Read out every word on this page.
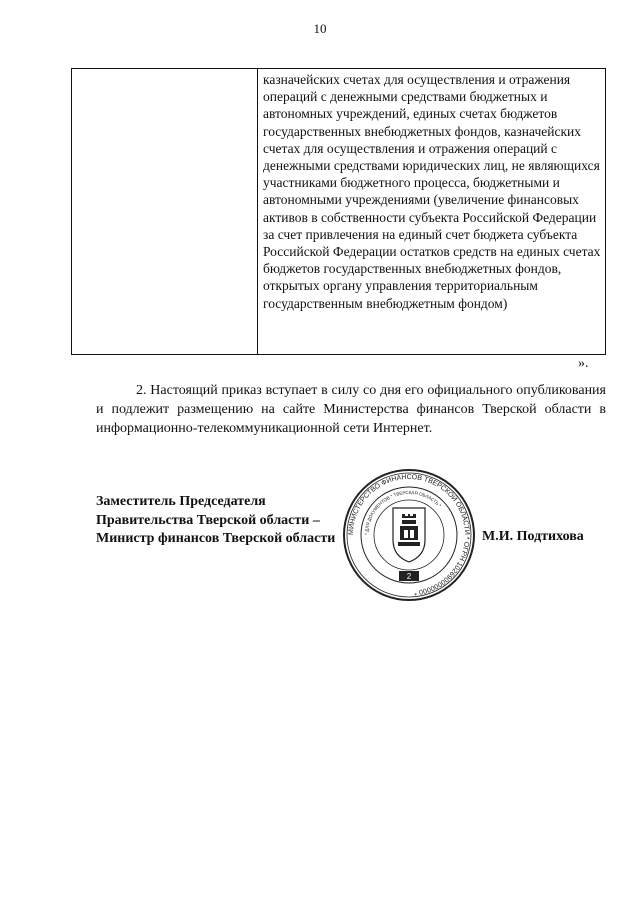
10
казначейских счетах для осуществления и отражения операций с денежными средствами бюджетных и автономных учреждений, единых счетах бюджетов государственных внебюджетных фондов, казначейских счетах для осуществления и отражения операций с денежными средствами юридических лиц, не являющихся участниками бюджетного процесса, бюджетными и автономными учреждениями (увеличение финансовых активов в собственности субъекта Российской Федерации за счет привлечения на единый счет бюджета субъекта Российской Федерации остатков средств на единых счетах бюджетов государственных внебюджетных фондов, открытых органу управления территориальным государственным внебюджетным фондом)
».
2. Настоящий приказ вступает в силу со дня его официального опубликования и подлежит размещению на сайте Министерства финансов Тверской области в информационно-телекоммуникационной сети Интернет.
Заместитель Председателя
Правительства Тверской области –
Министр финансов Тверской области	М.И. Подтихова
МИНИСТЕРСТВО ФИНАНСОВ ТВЕРСКОЙ ОБЛАСТИ * ОГРН 1026900000000 *
* ДЛЯ ДОКУМЕНТОВ * ТВЕРСКАЯ ОБЛАСТЬ *
2
